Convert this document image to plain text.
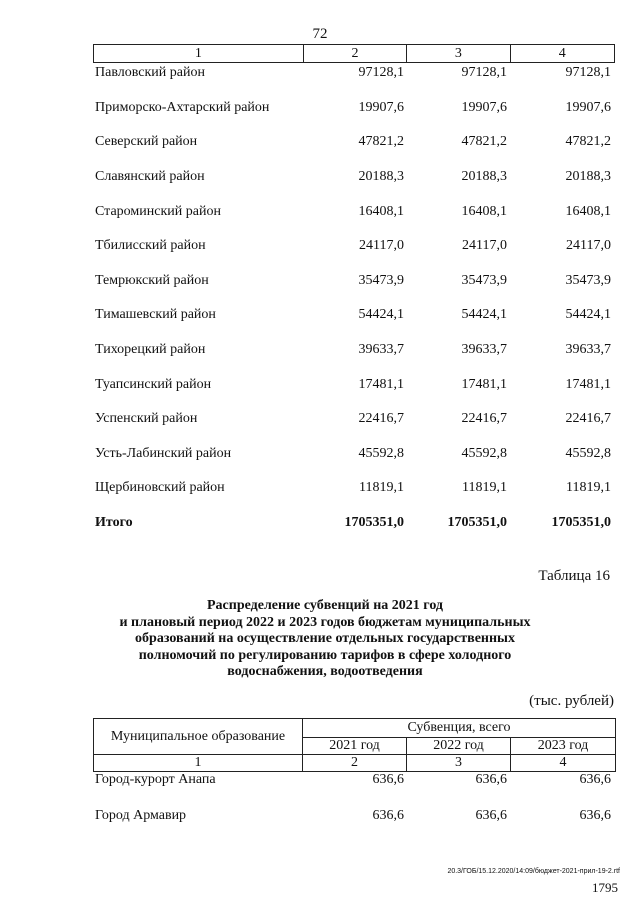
72
1	2	3	4
Павловский район	97128,1	97128,1	97128,1
Приморско-Ахтарский район	19907,6	19907,6	19907,6
Северский район	47821,2	47821,2	47821,2
Славянский район	20188,3	20188,3	20188,3
Староминский район	16408,1	16408,1	16408,1
Тбилисский район	24117,0	24117,0	24117,0
Темрюкский район	35473,9	35473,9	35473,9
Тимашевский район	54424,1	54424,1	54424,1
Тихорецкий район	39633,7	39633,7	39633,7
Туапсинский район	17481,1	17481,1	17481,1
Успенский район	22416,7	22416,7	22416,7
Усть-Лабинский район	45592,8	45592,8	45592,8
Щербиновский район	11819,1	11819,1	11819,1
Итого	1705351,0	1705351,0	1705351,0
Таблица 16
Распределение субвенций на 2021 год
и плановый период 2022 и 2023 годов бюджетам муниципальных
образований на осуществление отдельных государственных
полномочий по регулированию тарифов в сфере холодного
водоснабжения, водоотведения
(тыс. рублей)
Муниципальное образование	Субвенция, всего		
	2021 год	2022 год	2023 год
1	2	3	4
Город-курорт Анапа	636,6	636,6	636,6
Город Армавир	636,6	636,6	636,6
20.3/ГОБ/15.12.2020/14:09/бюджет-2021-прил-19-2.rtf
1795
